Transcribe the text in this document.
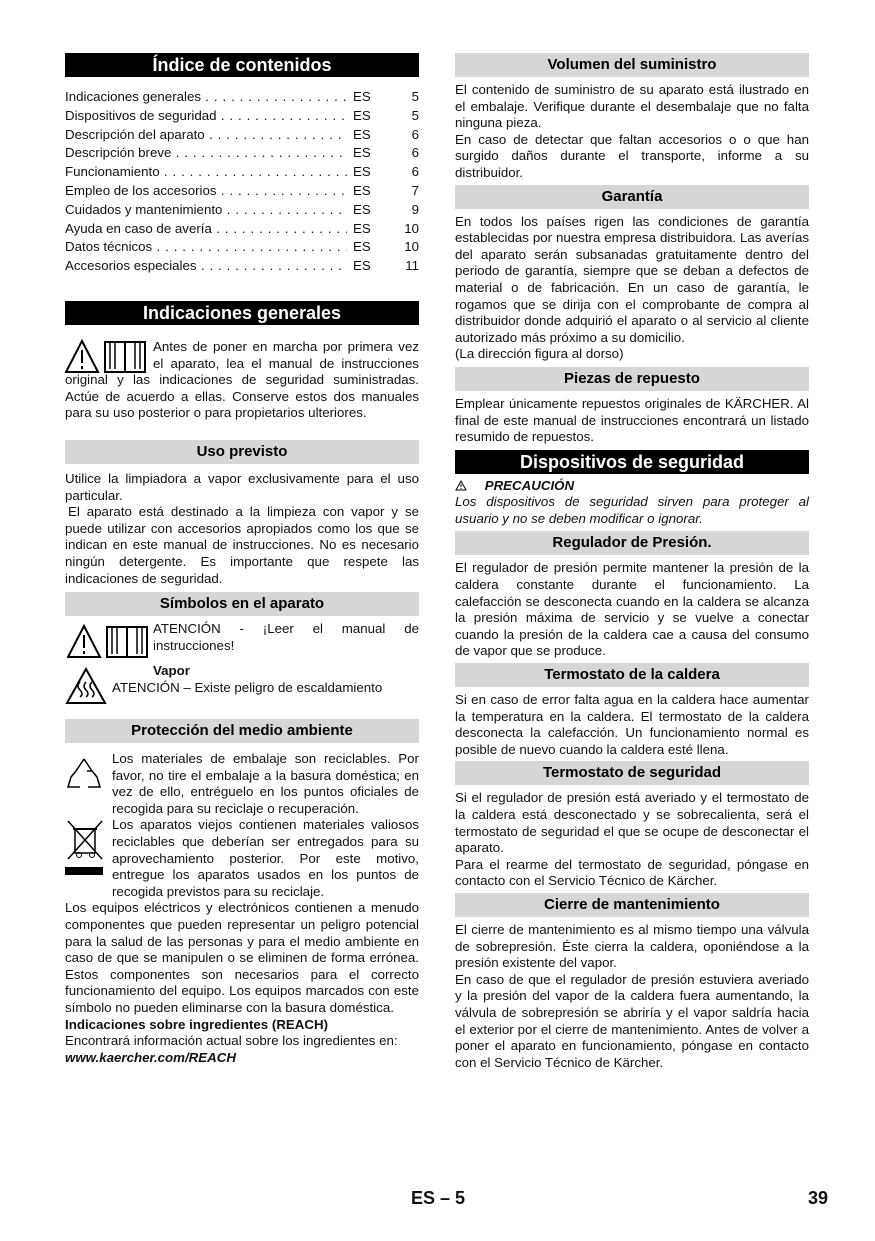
Índice de contenidos
Indicaciones generales . . .	ES	5
Dispositivos de seguridad . . .	ES	5
Descripción del aparato . . .	ES	6
Descripción breve . . .	ES	6
Funcionamiento . . .	ES	6
Empleo de los accesorios . . .	ES	7
Cuidados y mantenimiento . . .	ES	9
Ayuda en caso de avería . . .	ES	10
Datos técnicos . . .	ES	10
Accesorios especiales . . .	ES	11
Indicaciones generales

Antes de poner en marcha por primera vez el aparato, lea el manual de instrucciones original y las indicaciones de seguridad suministradas. Actúe de acuerdo a ellas. Conserve estos dos manuales para su uso posterior o para propietarios ulteriores.

Uso previsto

Utilice la limpiadora a vapor exclusivamente para el uso particular.

El aparato está destinado a la limpieza con vapor y se puede utilizar con accesorios apropiados como los que se indican en este manual de instrucciones. No es necesario ningún detergente. Es importante que respete las indicaciones de seguridad.

Símbolos en el aparato
ATENCIÓN - ¡Leer el manual de instrucciones!
Vapor
ATENCIÓN – Existe peligro de escaldamiento
Protección del medio ambiente

Los materiales de embalaje son reciclables. Por favor, no tire el embalaje a la basura doméstica; en vez de ello, entréguelo en los puntos oficiales de recogida para su reciclaje o recuperación.

Los aparatos viejos contienen materiales valiosos reciclables que deberían ser entregados para su aprovechamiento posterior. Por este motivo, entregue los aparatos usados en los puntos de recogida previstos para su reciclaje.

Los equipos eléctricos y electrónicos contienen a menudo componentes que pueden representar un peligro potencial para la salud de las personas y para el medio ambiente en caso de que se manipulen o se eliminen de forma errónea. Estos componentes son necesarios para el correcto funcionamiento del equipo. Los equipos marcados con este símbolo no pueden eliminarse con la basura doméstica.

Indicaciones sobre ingredientes (REACH)

Encontrará información actual sobre los ingredientes en:

www.kaercher.com/REACH

Volumen del suministro

El contenido de suministro de su aparato está ilustrado en el embalaje. Verifique durante el desembalaje que no falta ninguna pieza.

En caso de detectar que faltan accesorios o o que han surgido daños durante el transporte, informe a su distribuidor.

Garantía

En todos los países rigen las condiciones de garantía establecidas por nuestra empresa distribuidora. Las averías del aparato serán subsanadas gratuitamente dentro del periodo de garantía, siempre que se deban a defectos de material o de fabricación. En un caso de garantía, le rogamos que se dirija con el comprobante de compra al distribuidor donde adquirió el aparato o al servicio al cliente autorizado más próximo a su domicilio.

(La dirección figura al dorso)

Piezas de repuesto

Emplear únicamente repuestos originales de KÄRCHER. Al final de este manual de instrucciones encontrará un listado resumido de repuestos.

Dispositivos de seguridad
PRECAUCIÓN

Los dispositivos de seguridad sirven para proteger al usuario y no se deben modificar o ignorar.

Regulador de Presión.

El regulador de presión permite mantener la presión de la caldera constante durante el funcionamiento. La calefacción se desconecta cuando en la caldera se alcanza la presión máxima de servicio y se vuelve a conectar cuando la presión de la caldera cae a causa del consumo de vapor que se produce.

Termostato de la caldera

Si en caso de error falta agua en la caldera hace aumentar la temperatura en la caldera. El termostato de la caldera desconecta la calefacción. Un funcionamiento normal es posible de nuevo cuando la caldera esté llena.

Termostato de seguridad

Si el regulador de presión está averiado y el termostato de la caldera está desconectado y se sobrecalienta, será el termostato de seguridad el que se ocupe de desconectar el aparato.

Para el rearme del termostato de seguridad, póngase en contacto con el Servicio Técnico de Kärcher.

Cierre de mantenimiento

El cierre de mantenimiento es al mismo tiempo una válvula de sobrepresión. Éste cierra la caldera, oponiéndose a la presión existente del vapor.

En caso de que el regulador de presión estuviera averiado y la presión del vapor de la caldera fuera aumentando, la válvula de sobrepresión se abriría y el vapor saldría hacia el exterior por el cierre de mantenimiento. Antes de volver a poner el aparato en funcionamiento, póngase en contacto con el Servicio Técnico de Kärcher.

ES – 5	39
